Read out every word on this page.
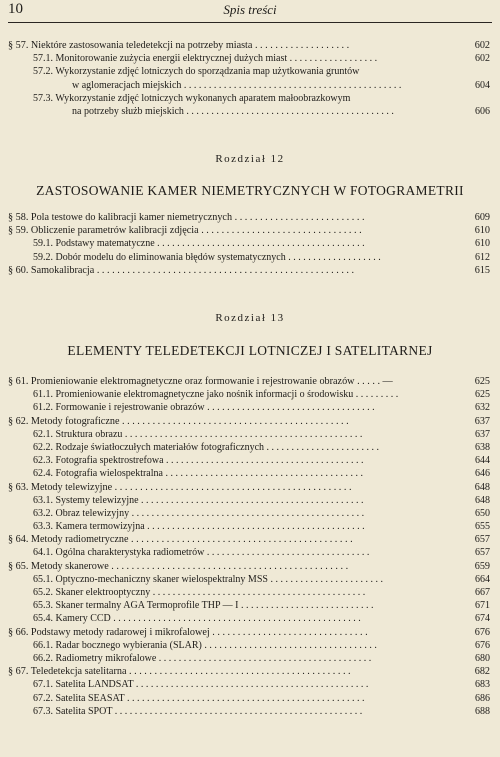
10	Spis treści
§ 57. Niektóre zastosowania teledetekcji na potrzeby miasta . . . . . . . . . . . . . . . . . . .	602
57.1. Monitorowanie zużycia energii elektrycznej dużych miast . . . . . . . . . . . . . . . . . .	602
57.2. Wykorzystanie zdjęć lotniczych do sporządzania map użytkowania gruntów
w aglomeracjach miejskich . . . . . . . . . . . . . . . . . . . . . . . . . . . . . . . . . . . . . . . . . . . .	604
57.3. Wykorzystanie zdjęć lotniczych wykonanych aparatem małoobrazkowym
na potrzeby służb miejskich . . . . . . . . . . . . . . . . . . . . . . . . . . . . . . . . . . . . . . . . . .	606
Rozdział 12
ZASTOSOWANIE KAMER NIEMETRYCZNYCH W FOTOGRAMETRII
§ 58. Pola testowe do kalibracji kamer niemetrycznych . . . . . . . . . . . . . . . . . . . . . . . . . .	609
§ 59. Obliczenie parametrów kalibracji zdjęcia . . . . . . . . . . . . . . . . . . . . . . . . . . . . . . . .	610
59.1. Podstawy matematyczne . . . . . . . . . . . . . . . . . . . . . . . . . . . . . . . . . . . . . . . . . .	610
59.2. Dobór modelu do eliminowania błędów systematycznych . . . . . . . . . . . . . . . . . . .	612
§ 60. Samokalibracja . . . . . . . . . . . . . . . . . . . . . . . . . . . . . . . . . . . . . . . . . . . . . . . . . . .	615
Rozdział 13
ELEMENTY TELEDETEKCJI LOTNICZEJ I SATELITARNEJ
§ 61. Promieniowanie elektromagnetyczne oraz formowanie i rejestrowanie obrazów . . . . . —	625
61.1. Promieniowanie elektromagnetyczne jako nośnik informacji o środowisku . . . . . . . . .	625
61.2. Formowanie i rejestrowanie obrazów . . . . . . . . . . . . . . . . . . . . . . . . . . . . . . . . . .	632
§ 62. Metody fotograficzne . . . . . . . . . . . . . . . . . . . . . . . . . . . . . . . . . . . . . . . . . . . . .	637
62.1. Struktura obrazu . . . . . . . . . . . . . . . . . . . . . . . . . . . . . . . . . . . . . . . . . . . . . . . .	637
62.2. Rodzaje światłoczułych materiałów fotograficznych . . . . . . . . . . . . . . . . . . . . . . .	638
62.3. Fotografia spektrostrefowa . . . . . . . . . . . . . . . . . . . . . . . . . . . . . . . . . . . . . . . .	644
62.4. Fotografia wielospektralna . . . . . . . . . . . . . . . . . . . . . . . . . . . . . . . . . . . . . . . .	646
§ 63. Metody telewizyjne . . . . . . . . . . . . . . . . . . . . . . . . . . . . . . . . . . . . . . . . . . . . . . .	648
63.1. Systemy telewizyjne . . . . . . . . . . . . . . . . . . . . . . . . . . . . . . . . . . . . . . . . . . . . .	648
63.2. Obraz telewizyjny . . . . . . . . . . . . . . . . . . . . . . . . . . . . . . . . . . . . . . . . . . . . . . .	650
63.3. Kamera termowizyjna . . . . . . . . . . . . . . . . . . . . . . . . . . . . . . . . . . . . . . . . . . . .	655
§ 64. Metody radiometryczne . . . . . . . . . . . . . . . . . . . . . . . . . . . . . . . . . . . . . . . . . . . .	657
64.1. Ogólna charakterystyka radiometrów . . . . . . . . . . . . . . . . . . . . . . . . . . . . . . . . .	657
§ 65. Metody skanerowe . . . . . . . . . . . . . . . . . . . . . . . . . . . . . . . . . . . . . . . . . . . . . . .	659
65.1. Optyczno-mechaniczny skaner wielospektralny MSS . . . . . . . . . . . . . . . . . . . . . . .	664
65.2. Skaner elektrooptyczny . . . . . . . . . . . . . . . . . . . . . . . . . . . . . . . . . . . . . . . . . . .	667
65.3. Skaner termalny AGA Termoprofile THP — I . . . . . . . . . . . . . . . . . . . . . . . . . . .	671
65.4. Kamery CCD . . . . . . . . . . . . . . . . . . . . . . . . . . . . . . . . . . . . . . . . . . . . . . . . . .	674
§ 66. Podstawy metody radarowej i mikrofalowej . . . . . . . . . . . . . . . . . . . . . . . . . . . . . . .	676
66.1. Radar bocznego wybierania (SLAR) . . . . . . . . . . . . . . . . . . . . . . . . . . . . . . . . . . .	676
66.2. Radiometry mikrofalowe . . . . . . . . . . . . . . . . . . . . . . . . . . . . . . . . . . . . . . . . . . .	680
§ 67. Teledetekcja satelitarna . . . . . . . . . . . . . . . . . . . . . . . . . . . . . . . . . . . . . . . . . . . .	682
67.1. Satelita LANDSAT . . . . . . . . . . . . . . . . . . . . . . . . . . . . . . . . . . . . . . . . . . . . . . .	683
67.2. Satelita SEASAT . . . . . . . . . . . . . . . . . . . . . . . . . . . . . . . . . . . . . . . . . . . . . . . .	686
67.3. Satelita SPOT . . . . . . . . . . . . . . . . . . . . . . . . . . . . . . . . . . . . . . . . . . . . . . . . . .	688
